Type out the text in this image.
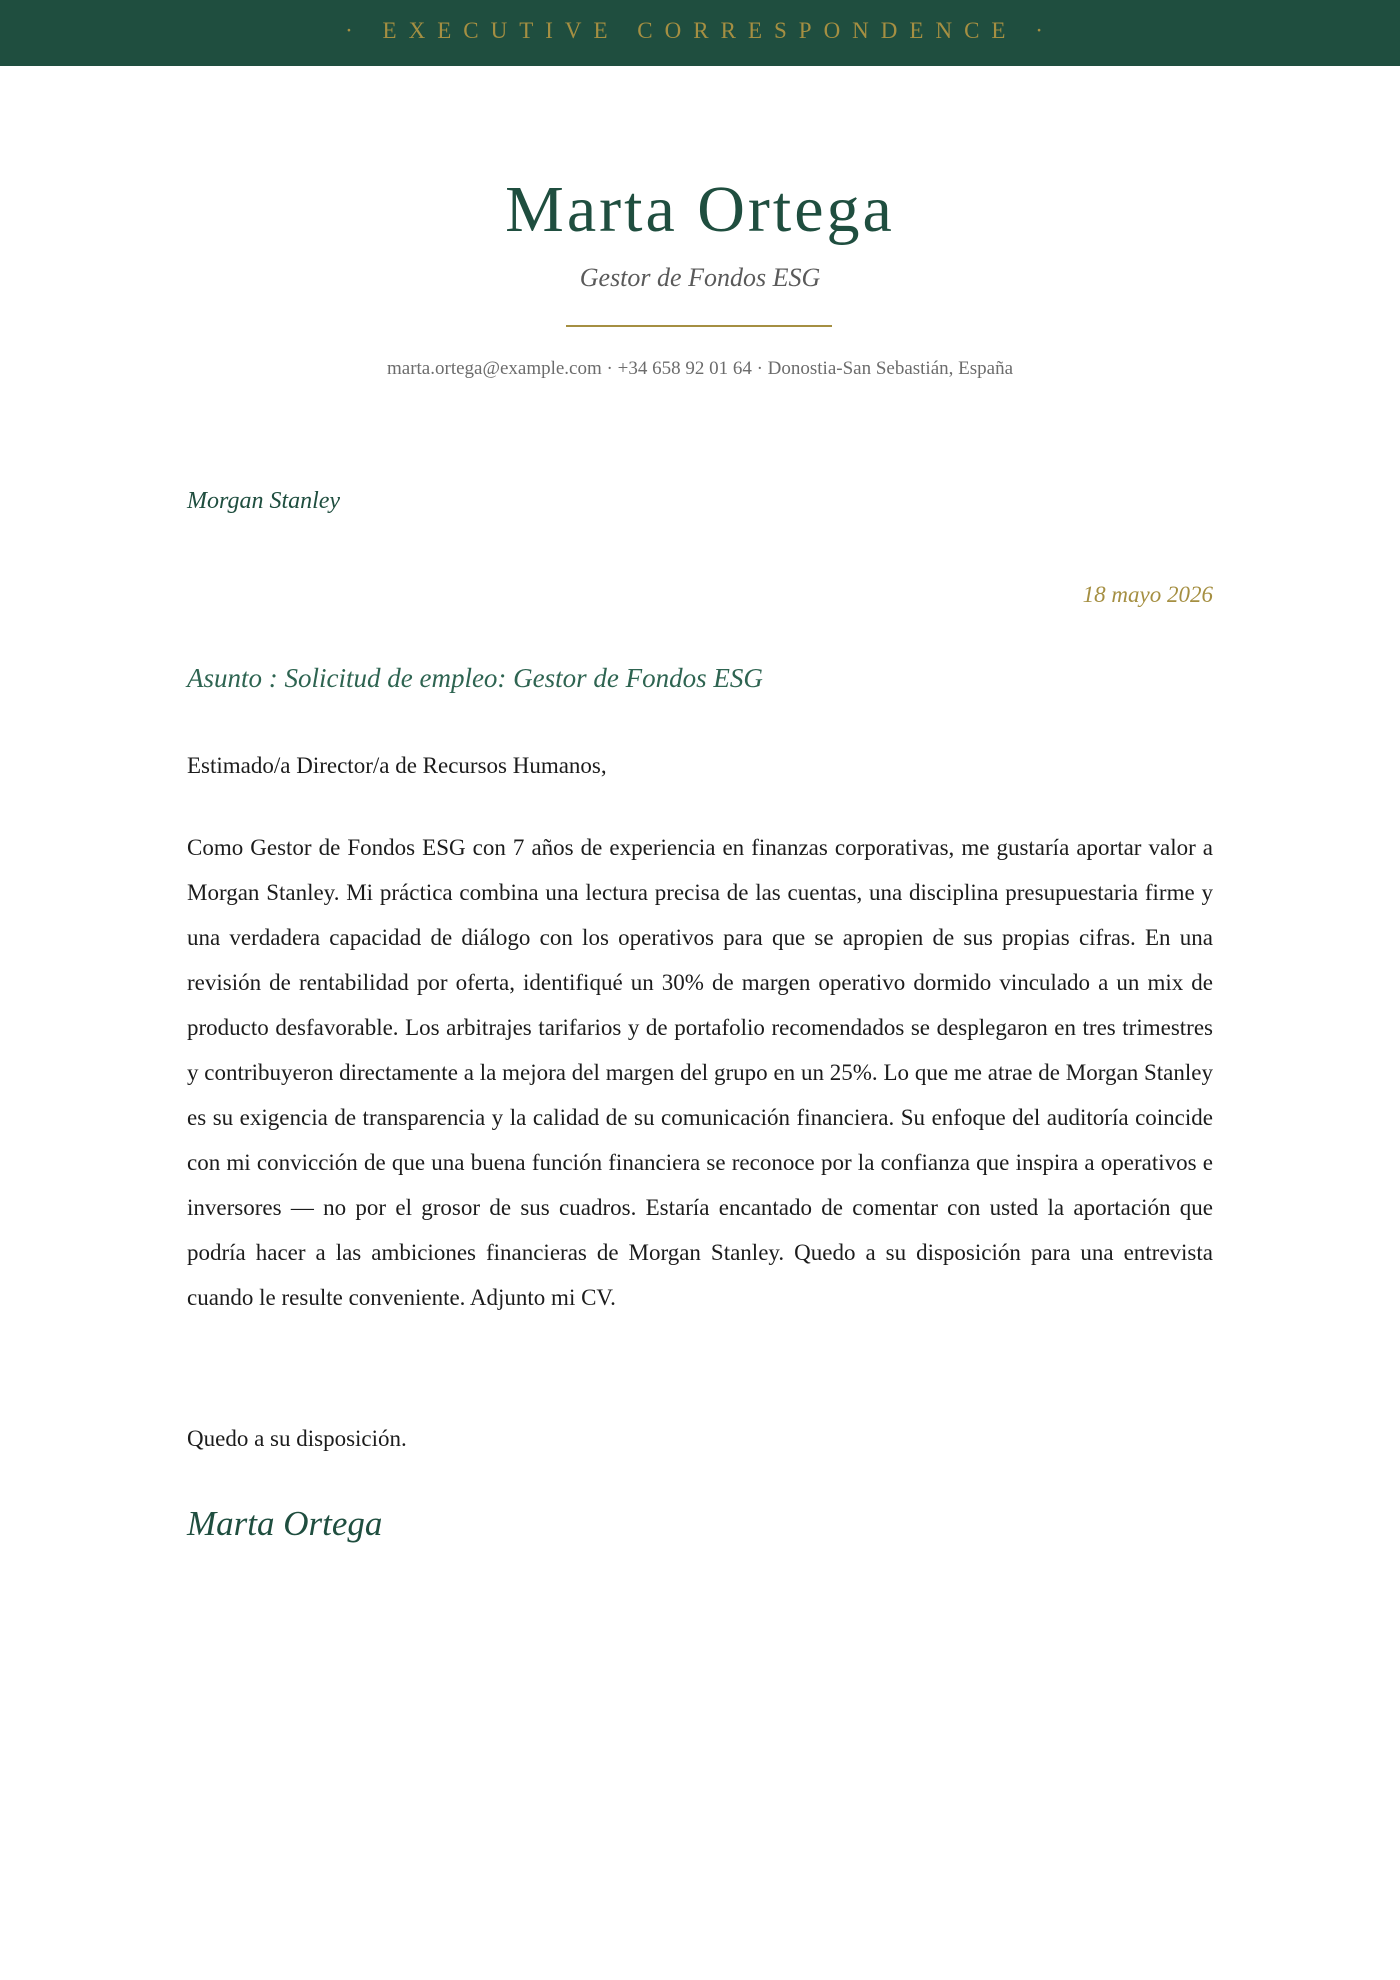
· EXECUTIVE CORRESPONDENCE ·
Marta Ortega
Gestor de Fondos ESG
marta.ortega@example.com · +34 658 92 01 64 · Donostia-San Sebastián, España
Morgan Stanley
18 mayo 2026
Asunto : Solicitud de empleo: Gestor de Fondos ESG
Estimado/a Director/a de Recursos Humanos,

Como Gestor de Fondos ESG con 7 años de experiencia en finanzas corporativas, me gustaría aportar valor a Morgan Stanley. Mi práctica combina una lectura precisa de las cuentas, una disciplina presupuestaria firme y una verdadera capacidad de diálogo con los operativos para que se apropien de sus propias cifras. En una revisión de rentabilidad por oferta, identifiqué un 30% de margen operativo dormido vinculado a un mix de producto desfavorable. Los arbitrajes tarifarios y de portafolio recomendados se desplegaron en tres trimestres y contribuyeron directamente a la mejora del margen del grupo en un 25%. Lo que me atrae de Morgan Stanley es su exigencia de transparencia y la calidad de su comunicación financiera. Su enfoque del auditoría coincide con mi convicción de que una buena función financiera se reconoce por la confianza que inspira a operativos e inversores — no por el grosor de sus cuadros. Estaría encantado de comentar con usted la aportación que podría hacer a las ambiciones financieras de Morgan Stanley. Quedo a su disposición para una entrevista cuando le resulte conveniente. Adjunto mi CV.

Quedo a su disposición.
Marta Ortega
